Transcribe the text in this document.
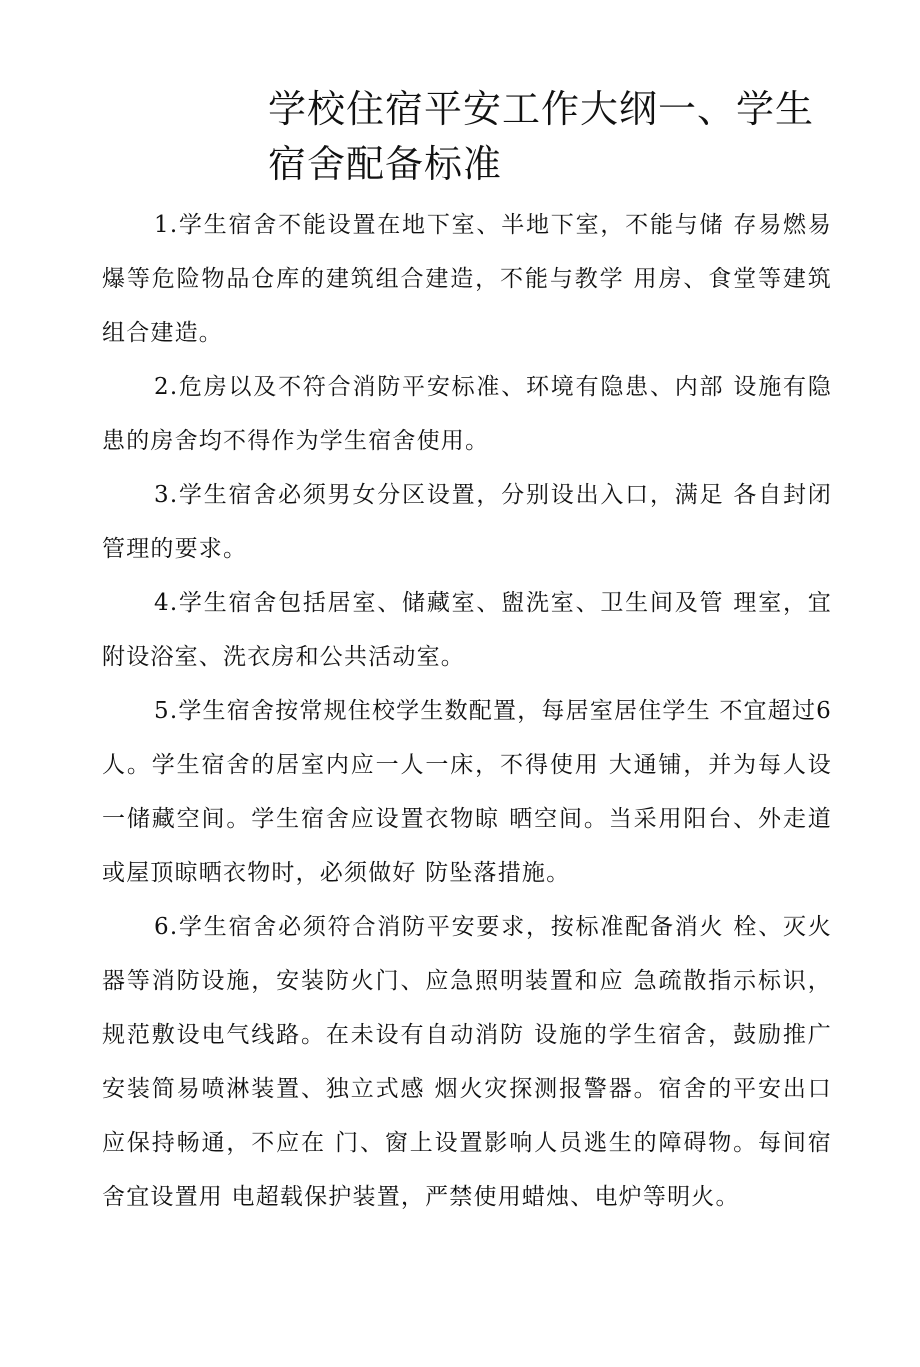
学校住宿平安工作大纲一、学生宿舍配备标准

1.学生宿舍不能设置在地下室、半地下室，不能与储 存易燃易爆等危险物品仓库的建筑组合建造，不能与教学 用房、食堂等建筑组合建造。

2.危房以及不符合消防平安标准、环境有隐患、内部 设施有隐患的房舍均不得作为学生宿舍使用。

3.学生宿舍必须男女分区设置，分别设出入口，满足 各自封闭管理的要求。

4.学生宿舍包括居室、储藏室、盥洗室、卫生间及管 理室，宜附设浴室、洗衣房和公共活动室。

5.学生宿舍按常规住校学生数配置，每居室居住学生 不宜超过6人。学生宿舍的居室内应一人一床，不得使用 大通铺，并为每人设一储藏空间。学生宿舍应设置衣物晾 晒空间。当采用阳台、外走道或屋顶晾晒衣物时，必须做好 防坠落措施。

6.学生宿舍必须符合消防平安要求，按标准配备消火 栓、灭火器等消防设施，安装防火门、应急照明装置和应 急疏散指示标识，规范敷设电气线路。在未设有自动消防 设施的学生宿舍，鼓励推广安装简易喷淋装置、独立式感 烟火灾探测报警器。宿舍的平安出口应保持畅通，不应在 门、窗上设置影响人员逃生的障碍物。每间宿舍宜设置用 电超载保护装置，严禁使用蜡烛、电炉等明火。
